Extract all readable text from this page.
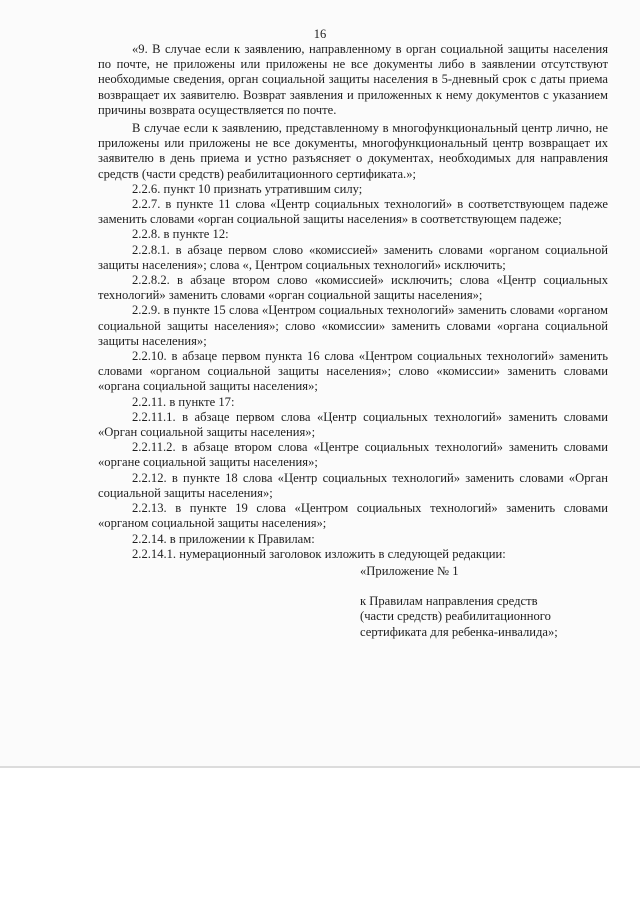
16

«9. В случае если к заявлению, направленному в орган социальной защиты населения по почте, не приложены или приложены не все документы либо в заявлении отсутствуют необходимые сведения, орган социальной защиты населения в 5-дневный срок с даты приема возвращает их заявителю. Возврат заявления и приложенных к нему документов с указанием причины возврата осуществляется по почте.

В случае если к заявлению, представленному в многофункциональный центр лично, не приложены или приложены не все документы, многофункциональный центр возвращает их заявителю в день приема и устно разъясняет о документах, необходимых для направления средств (части средств) реабилитационного сертификата.»;

2.2.6. пункт 10 признать утратившим силу;

2.2.7. в пункте 11 слова «Центр социальных технологий» в соответствующем падеже заменить словами «орган социальной защиты населения» в соответствующем падеже;

2.2.8. в пункте 12:

2.2.8.1. в абзаце первом слово «комиссией» заменить словами «органом социальной защиты населения»; слова «, Центром социальных технологий» исключить;

2.2.8.2. в абзаце втором слово «комиссией» исключить; слова «Центр социальных технологий» заменить словами «орган социальной защиты населения»;

2.2.9. в пункте 15 слова «Центром социальных технологий» заменить словами «органом социальной защиты населения»; слово «комиссии» заменить словами «органа социальной защиты населения»;

2.2.10. в абзаце первом пункта 16 слова «Центром социальных технологий» заменить словами «органом социальной защиты населения»; слово «комиссии» заменить словами «органа социальной защиты населения»;

2.2.11. в пункте 17:

2.2.11.1. в абзаце первом слова «Центр социальных технологий» заменить словами «Орган социальной защиты населения»;

2.2.11.2. в абзаце втором слова «Центре социальных технологий» заменить словами «органе социальной защиты населения»;

2.2.12. в пункте 18 слова «Центр социальных технологий» заменить словами «Орган социальной защиты населения»;

2.2.13. в пункте 19 слова «Центром социальных технологий» заменить словами «органом социальной защиты населения»;

2.2.14. в приложении к Правилам:

2.2.14.1. нумерационный заголовок изложить в следующей редакции:

«Приложение № 1

к Правилам направления средств

(части средств) реабилитационного

сертификата для ребенка-инвалида»;
